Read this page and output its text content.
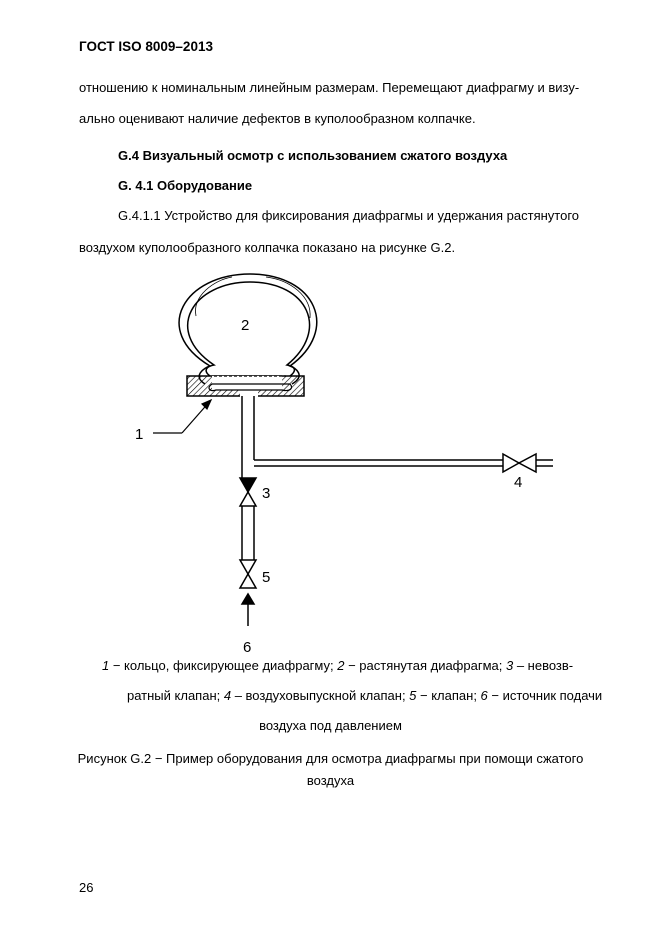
ГОСТ ISO 8009–2013
отношению к номинальным линейным размерам. Перемещают диафрагму и визу-
ально оценивают наличие дефектов в куполообразном колпачке.
G.4 Визуальный осмотр с использованием сжатого воздуха
G. 4.1 Оборудование
G.4.1.1 Устройство для фиксирования диафрагмы и удержания растянутого
воздухом куполообразного колпачка показано на рисунке G.2.
1
2
3
4
5
6
1 − кольцо, фиксирующее диафрагму; 2 − растянутая диафрагма; 3 – невозв-
ратный клапан; 4 – воздуховыпускной клапан; 5 − клапан; 6 − источник подачи
воздуха под давлением
Рисунок G.2 − Пример оборудования для осмотра диафрагмы при помощи сжатого
воздуха
26
